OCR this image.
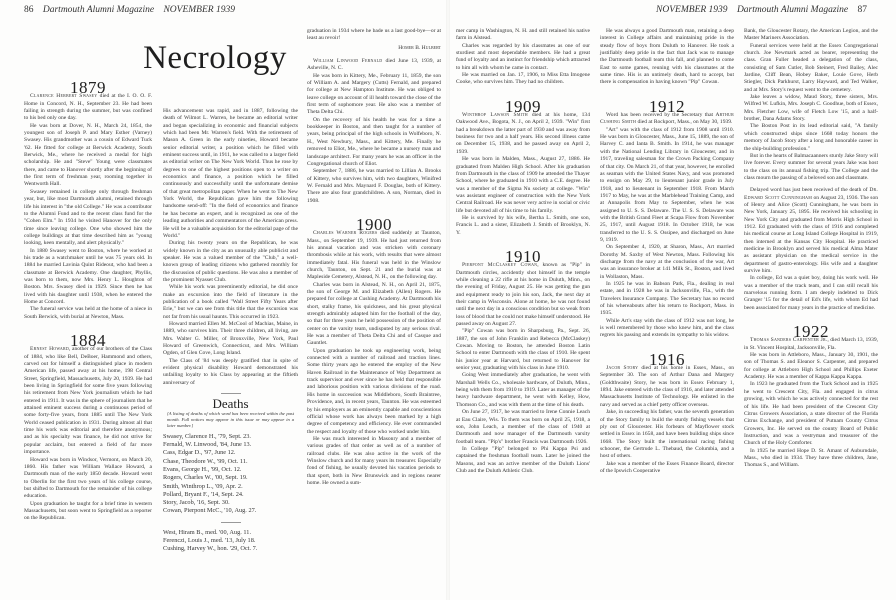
86 Dartmouth Alumni Magazine NOVEMBER 1939
Necrology
1879

Clarence Herbert Swasey died at the I. O. O. F. Home in Concord, N. H., September 23. He had been failing in strength during the summer, but was confined to his bed only one day.

He was born at Dover, N. H., March 24, 1854, the youngest son of Joseph P. and Mary Esther (Varney) Swasey. His grandmother was a cousin of Edward Tuck '62. He fitted for college at Berwick Academy, South Berwick, Me., where he received a medal for high scholarship. He and "Steve" Young were classmates there, and came to Hanover shortly after the beginning of the first term of freshman year, rooming together in Wentworth Hall.

Swasey remained in college only through freshman year, but, like most Dartmouth alumni, retained through life his interest in "the old College." He was a contributor to the Alumni Fund and to the recent class fund for the "Cohen Elm." In 1934 he visited Hanover for the only time since leaving college. One who showed him the college buildings at that time described him as "young looking, keen mentally, and alert physically."

In 1880 Swasey went to Boston, where he worked at his trade as a watchmaker until he was 75 years old. In 1884 he married Lavinia Quint Rideout, who had been a classmate at Berwick Academy. One daughter, Phyllis, was born to them, now Mrs. Henry L. Houghton of Boston. Mrs. Swasey died in 1929. Since then he has lived with his daughter until 1938, when he entered the Home at Concord.

The funeral service was held at the home of a niece in South Berwick, with burial at Newton, Mass.

1884

Ernest Howard, another of our brothers of the Class of 1884, who like Bell, DeBoer, Hammond and others, carved out for himself a distinguished place in modern American life, passed away at his home, 198 Central Street, Springfield, Massachusetts, July 20, 1939. He had been living in Springfield for some five years following his retirement from New York journalism which he had entered in 1911. It was in the sphere of journalism that he attained eminent success during a continuous period of some forty-five years, from 1885 until The New York World ceased publication in 1931. During almost all that time his work was editorial and therefore anonymous; and as his specialty was finance, he did not strive for popular acclaim, but entered a field of far more importance.

Howard was born in Windsor, Vermont, on March 20, 1860. His father was William Wallace Howard, a Dartmouth man of the early 1850 decade. Howard went to Oberlin for the first two years of his college course, but shifted to Dartmouth for the remainder of his college education.

Upon graduation he taught for a brief time in western Massachusetts, but soon went to Springfield as a reporter on the Republican.

His advancement was rapid, and in 1887, following the death of Wilmot L. Warren, he became an editorial writer and began specializing in economic and financial subjects which had been Mr. Warren's field. With the retirement of Mason A. Green in the early nineties, Howard became senior editorial writer, a position which he filled with eminent success until, in 1911, he was called to a larger field as editorial writer on The New York World. Thus he rose by degrees to one of the highest positions open to a writer on economics and finance, a position which he filled continuously and successfully until the unfortunate demise of that great metropolitan paper. When he went to The New York World, the Republican gave him the following handsome send-off: "In the field of economics and finance he has become an expert, and is recognized as one of the leading authorities and commentators of the American press. He will be a valuable acquisition for the editorial page of the World."

During his twenty years on the Republican, he was widely known in the city as an unusually able publicist and speaker. He was a valued member of the "Club," a well-known group of leading citizens who gathered monthly for the discussion of public questions. He was also a member of the prominent Nyasset Club.

While his work was preeminently editorial, he did once make an excursion into the field of literature in the publication of a book called "Wall Street Fifty Years after Erie," but we can see from this title that the excursion was not far from his usual haunts. This occurred in 1923.

Howard married Ellen M. McCool of Machias, Maine, in 1889, who survives him. Their three children, all living, are Mrs. Walter G. Miller, of Bronxville, New York, Paul Howard of Greenwich, Connecticut, and Mrs. William Ogden, of Glen Cove, Long Island.

The Class of '84 was deeply gratified that in spite of evident physical disability Howard demonstrated his unfailing loyalty to his Class by appearing at the fiftieth anniversary of

Deaths
[A listing of deaths of which word has been received within the past month. Full notices may appear in this issue or may appear in a later number.]
Swasey, Clarence H., '79, Sept. 23.
Fernald, W. Linwood, '84, June 13.
Cass, Edgar D., '97, June 12.
Chase, Theodore W., '99, Oct. 11.
Evans, George H., '99, Oct. 12.
Rogers, Charles W., '00, Sept. 19.
Smith, Winthrop L., '09, Apr. 2.
Pollard, Bryant F., '14, Sept. 24.
Story, Jacob, '16, Sept. 30.
Cowan, Pierpont McC., '10, Aug. 27.
West, Hiram B., med. '00, Aug. 11.
Ferenczi, Louis J., med. '13, July 18.
Cushing, Harvey W., hon. '29, Oct. 7.

graduation in 1934 where he bade us a last good-bye—or at least au revoir!

Homer B. Hulbert

William Linwood Fernald died June 13, 1939, at Asheville, N. C.

He was born in Kittery, Me., February 11, 1859, the son of William A. and Margery (Cutts) Fernald, and prepared for college at New Hampton Institute. He was obliged to leave college on account of ill health toward the close of the first term of sophomore year. He also was a member of Theta Delta Chi.

On the recovery of his health he was for a time a bookkeeper in Boston, and then taught for a number of years, being principal of the high schools in Wolfeboro, N. H., West Newbury, Mass., and Kittery, Me. Finally he removed to Eliot, Me., where he became a nursery man and landscape architect. For many years he was an officer in the Congregational church of Eliot.

September 7, 1886, he was married to Lillian A. Brooks of Kittery, who survives him, with two daughters, Winifred W. Fernald and Mrs. Maynard F. Douglas, both of Kittery. There are also four grandchildren. A son, Norman, died in 1908.

1900

Charles Warner Rogers died suddenly at Taunton, Mass., on September 19, 1939. He had just returned from his annual vacation and was stricken with coronary thrombosis while at his work, with results that were almost immediately fatal. His funeral was held in the Winslow church, Taunton, on Sept. 21 and the burial was at Mapleside Cemetery, Alstead, N. H., on the following day.

Charles was born in Alstead, N. H., on April 21, 1875, the son of George M. and Elizabeth (Allen) Rogers. He prepared for college at Cushing Academy. At Dartmouth his short, stalky frame, his quickness, and his great physical strength admirably adapted him for the football of the day, so that for three years he held possession of the position of center on the varsity team, undisputed by any serious rival. He was a member of Theta Delta Chi and of Casque and Gauntlet.

Upon graduation he took up engineering work, being connected with a number of railroad and traction lines. Some thirty years ago he entered the employ of the New Haven Railroad in the Maintenance of Way Department as track supervisor and ever since he has held that responsible and laborious position with various divisions of the road. His home in succession was Middleboro, South Braintree, Providence, and, in recent years, Taunton. He was esteemed by his employers as an eminently capable and conscientious official whose work has always been marked by a high degree of competency and efficiency. He ever commanded the respect and loyalty of those who worked under him.

He was much interested in Masonry and a member of various grades of that order as well as of a number of railroad clubs. He was also active in the work of the Winslow church and for many years its treasurer. Especially fond of fishing, he usually devoted his vacation periods to that sport, both in New Brunswick and in regions nearer home. He owned a sum-

NOVEMBER 1939 Dartmouth Alumni Magazine 87

mer camp in Washington, N. H. and still retained his native farm in Alstead.

Charles was regarded by his classmates as one of our sturdiest and most dependable members. He had a great fund of loyalty and an instinct for friendship which attracted to him all with whom he came in contact.

He was married on Jan. 17, 1906, to Miss Etta Imogene Cooke, who survives him. They had no children.

1909

Winthrop Lawson Smith died at his home, 134 Oakwood Ave., Bogota, N. J., on April 2, 1939. "Win" first had a breakdown the latter part of 1930 and was away from business for two and a half years. His second illness came on December 15, 1938, and he passed away on April 2, 1939.

He was born in Malden, Mass., August 27, 1886. He graduated from Malden High School. After his graduation from Dartmouth in the class of 1909 he attended the Thayer School, where he graduated in 1910 with a C.E. degree. He was a member of the Sigma Nu society at college. "Win" was assistant engineer of construction with the New York Central Railroad. He was never very active in social or civic life but devoted all of his time to his family.

He is survived by his wife, Bertha L. Smith, one son, Francis L. and a sister, Elizabeth J. Smith of Brooklyn, N. Y.

1910

Pierpont McClaskey Cowan, known as "Pip" in Dartmouth circles, accidently shot himself in the temple while cleaning a 22 rifle at his home in Duluth, Minn., on the evening of Friday, August 25. He was getting the gun and equipment ready to join his son, Jack, the next day at their camp in Wisconsin. Alone at home, he was not found until the next day in a conscious condition but so weak from loss of blood that he could not make himself understood. He passed away on August 27.

"Pip" Cowan was born in Sharpsburg, Pa., Sept. 26, 1887, the son of John Franklin and Rebecca (McClaskey) Cowan. Moving to Boston, he attended Boston Latin School to enter Dartmouth with the class of 1910. He spent his junior year at Harvard, but returned to Hanover for senior year, graduating with his class in June 1910.

Going West immediately after graduation, he went with Marshall Wells Co., wholesale hardware, of Duluth, Minn., being with them from 1910 to 1919. Later as manager of the heavy hardware department, he went with Kelley, How, Thomson Co., and was with them at the time of his death.

On June 27, 1917, he was married to Irene Connie Leach at Eau Claire, Wis. To them was born on April 25, 1918, a son, John Leach, a member of the class of 1940 at Dartmouth and now manager of the Dartmouth varsity football team. "Pip's" brother Francis was Dartmouth 1926.

In College "Pip" belonged to Phi Kappa Psi and captained the freshman football team. Later he joined the Masons, and was an active member of the Duluth Lions' Club and the Duluth Athletic Club.

He was always a good Dartmouth man, retaining a deep interest in College affairs and maintaining pride in the steady flow of boys from Duluth to Hanover. He took a justifiably deep pride in the fact that Jack was to manage the Dartmouth football team this fall, and planned to come East to some games, reuning with his classmates at the same time. His is an untimely death, hard to accept, but there is compensation in having known "Pip" Cowan.

1912

Word has been received by the Secretary that Arthur Cushing Smith died at Rockport, Mass., on May 30, 1939.

"Art" was with the class of 1912 from 1908 until 1910. He was born in Gloucester, Mass., June 15, 1889, the son of Harvey C. and Ianta B. Smith. In 1914, he was manager with the National Lending Library in Gloucester, and in 1917, traveling salesman for the Crown Packing Company of that city. On March 21, of that year, however, he enrolled as seaman with the United States Navy, and was promoted to ensign on May 29, to lieutenant junior grade in July 1918, and to lieutenant in September 1918. From March 1917 to May, he was at the Marblehead Training Camp, and at Annapolis from May to September, when he was assigned to U. S. S. Delaware. The U. S. S. Delaware was with the British Grand Fleet at Scapa Flow from November 25, 1917, until August 1918. In October 1918, he was transferred to the U. S. S. Ossipee, and discharged on June 9, 1919.

On September 4, 1920, at Sharon, Mass., Art married Dorothy M. Saxby of West Newton, Mass. Following his discharge from the navy at the conclusion of the war, Art was an insurance broker at 141 Milk St., Boston, and lived in Wollaston, Mass.

In 1925 he was in Babson Park, Fla., dealing in real estate, and in 1928 he was in Jacksonville, Fla., with the Travelers Insurance Company. The Secretary has no record of his whereabouts after his return to Rockport, Mass. in 1935.

While Art's stay with the class of 1912 was not long, he is well remembered by those who knew him, and the class regrets his passing and extends its sympathy to his widow.

1916

Jacob Story died at his home in Essex, Mass., on September 30. The son of Arthur Dana and Margery (Goldthwaite) Story, he was born in Essex February 1, 1894. Jake entered with the class of 1916, and later attended Massachusetts Institute of Technology. He enlisted in the navy and served as a chief petty officer overseas.

Jake, in succeeding his father, was the seventh generation of the Story family to build the sturdy fishing vessels that ply out of Gloucester. His forbears of Mayflower stock settled in Essex in 1658, and have been building ships since 1668. The Story built the international racing fishing schooner, the Gertrude L. Thebaud, the Columbia, and a host of others.

Jake was a member of the Essex Finance Board, director of the Ipswich Cooperative

Bank, the Gloucester Rotary, the American Legion, and the Master Mariners Association.

Funeral services were held at the Essex Congregational church. Joe Newmark acted as bearer, representing the class. Gran Fuller headed a delegation of the class, consisting of Sam Cutler, Bob Steinert, Fred Bailey, Alec Jardine, Cliff Bean, Hobey Baker, Louie Gove, Herb Stiegler, Dick Parkhurst, Larry Hayward, and Ted Walker, and at Mrs. Story's request went to the cemetery.

Jake leaves a widow, Maud Story, three sisters, Mrs. Wilfred W. Lufkin, Mrs. Joseph C. Goodhue, both of Essex, Mrs. Fletcher Low, wife of Fletch Low '15, and a half-brother, Dana Adams Story.

The Boston Post in its lead editorial said, "A family which constructed ships since 1668 today honors the memory of Jacob Story after a long and honorable career in the ship-building profession."

But in the hearts of Balmacaanners sturdy Jake Story will live forever. Every summer for several years Jake was host to the class on its annual fishing trip. The College and the class mourn the passing of a beloved son and classmate.

Delayed word has just been received of the death of Dr. Edward Scott Cunningham on August 23, 1936. The son of Henry and Alice (Scott) Cunningham, he was born in New York, January 25, 1895. He received his schooling in New York City and graduated from Morris High School in 1912. Ed graduated with the class of 1916 and completed his medical course at Long Island College Hospital in 1919, then interned at the Kansas City Hospital. He practiced medicine in Brooklyn and served his medical Alma Mater as assistant physician on the medical service in the department of gastro-enterology. His wife and a daughter survive him.

In college, Ed was a quiet boy, doing his work well. He was a member of the track team, and I can still recall his marvelous running form. I am deeply indebted to Dick Granger '15 for the detail of Ed's life, with whom Ed had been associated for many years in the practice of medicine.

1922

Thomas Sanders Carpenter Jr., died March 13, 1939, in St. Vincent Hospital, Jacksonville, Fla.

He was born in Attleboro, Mass., January 30, 1901, the son of Thomas S. and Eleanor S. Carpenter, and prepared for college at Attleboro High School and Phillips Exeter Academy. He was a member of Kappa Kappa Kappa.

In 1923 he graduated from the Tuck School and in 1925 he went to Crescent City, Fla. and engaged in citrus growing, with which he was actively connected for the rest of his life. He had been president of the Crescent City Citrus Growers Association, a state director of the Florida Citrus Exchange, and president of Putnam County Citrus Growers, Inc. He served on the county Board of Public Instruction, and was a vestryman and treasurer of the Church of the Holy Comforter.

In 1925 he married Hope D. St. Amant of Auburndale, Mass., who died in 1934. They have three children, Jane, Thomas S., and William.
